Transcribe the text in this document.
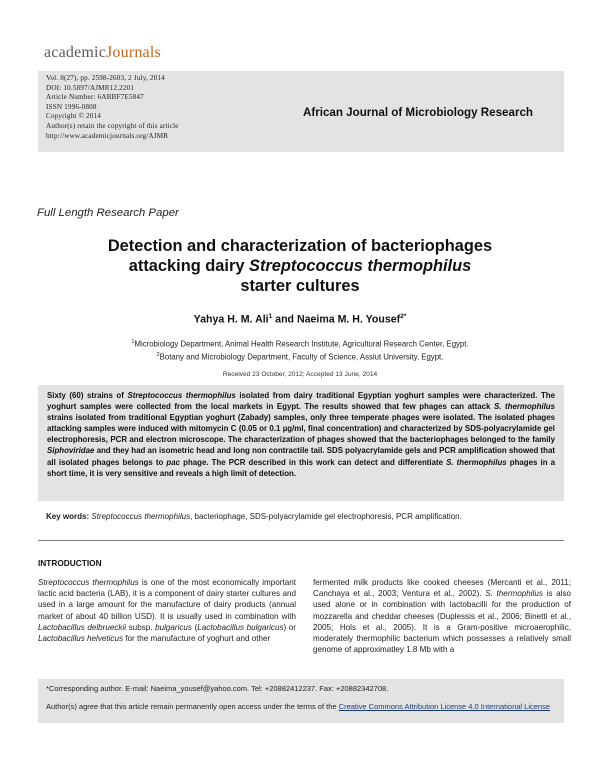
academicJournals
Vol. 8(27), pp. 2598-2603, 2 July, 2014
DOI: 10.5897/AJMR12.2201
Article Number: 6ABBF7E5847
ISSN 1996-0808
Copyright © 2014
Author(s) retain the copyright of this article
http://www.academicjournals.org/AJMR
African Journal of Microbiology Research
Full Length Research Paper
Detection and characterization of bacteriophages
attacking dairy Streptococcus thermophilus
starter cultures
Yahya H. M. Ali$^1$ and Naeima M. H. Yousef$^{2*}$
$^1$Microbiology Department, Animal Health Research Institute, Agricultural Research Center, Egypt.
$^2$Botany and Microbiology Department, Faculty of Science, Assiut University, Egypt.
Received 23 October, 2012; Accepted 13 June, 2014

Sixty (60) strains of Streptococcus thermophilus isolated from dairy traditional Egyptian yoghurt samples were characterized. The yoghurt samples were collected from the local markets in Egypt. The results showed that few phages can attack S. thermophilus strains isolated from traditional Egyptian yoghurt (Zabady) samples, only three temperate phages were isolated. The isolated phages attacking samples were induced with mitomycin C (0.05 or 0.1 µg/ml, final concentration) and characterized by SDS-polyacrylamide gel electrophoresis, PCR and electron microscope. The characterization of phages showed that the bacteriophages belonged to the family Siphoviridae and they had an isometric head and long non contractile tail. SDS polyacrylamide gels and PCR amplification showed that all isolated phages belongs to pac phage. The PCR described in this work can detect and differentiate S. thermophilus phages in a short time, it is very sensitive and reveals a high limit of detection.

Key words: Streptococcus thermophilus, bacteriophage, SDS-polyacrylamide gel electrophoresis, PCR amplification.
INTRODUCTION
Streptococcus thermophilus is one of the most economically important lactic acid bacteria (LAB), it is a component of dairy starter cultures and used in a large amount for the manufacture of dairy products (annual market of about 40 billion USD). It is usually used in combination with Lactobacillus delbrueckii subsp. bulgaricus (Lactobacillus bulgaricus) or Lactobacillus helveticus for the manufacture of yoghurt and other
fermented milk products like cooked cheeses (Mercanti et al., 2011; Canchaya et al., 2003; Ventura et al., 2002). S. thermophilus is also used alone or in combination with lactobacilli for the production of mozzarella and cheddar cheeses (Duplessis et al., 2006; Binetti et al., 2005; Hols et al., 2005). It is a Gram-positive microaerophilic, moderately thermophilic bacterium which possesses a relatively small genome of approximatley 1.8 Mb with a
*Corresponding author. E-mail: Naeima_yousef@yahoo.com. Tel: +20882412237. Fax: +20882342708.
Author(s) agree that this article remain permanently open access under the terms of the Creative Commons Attribution License 4.0 International License
